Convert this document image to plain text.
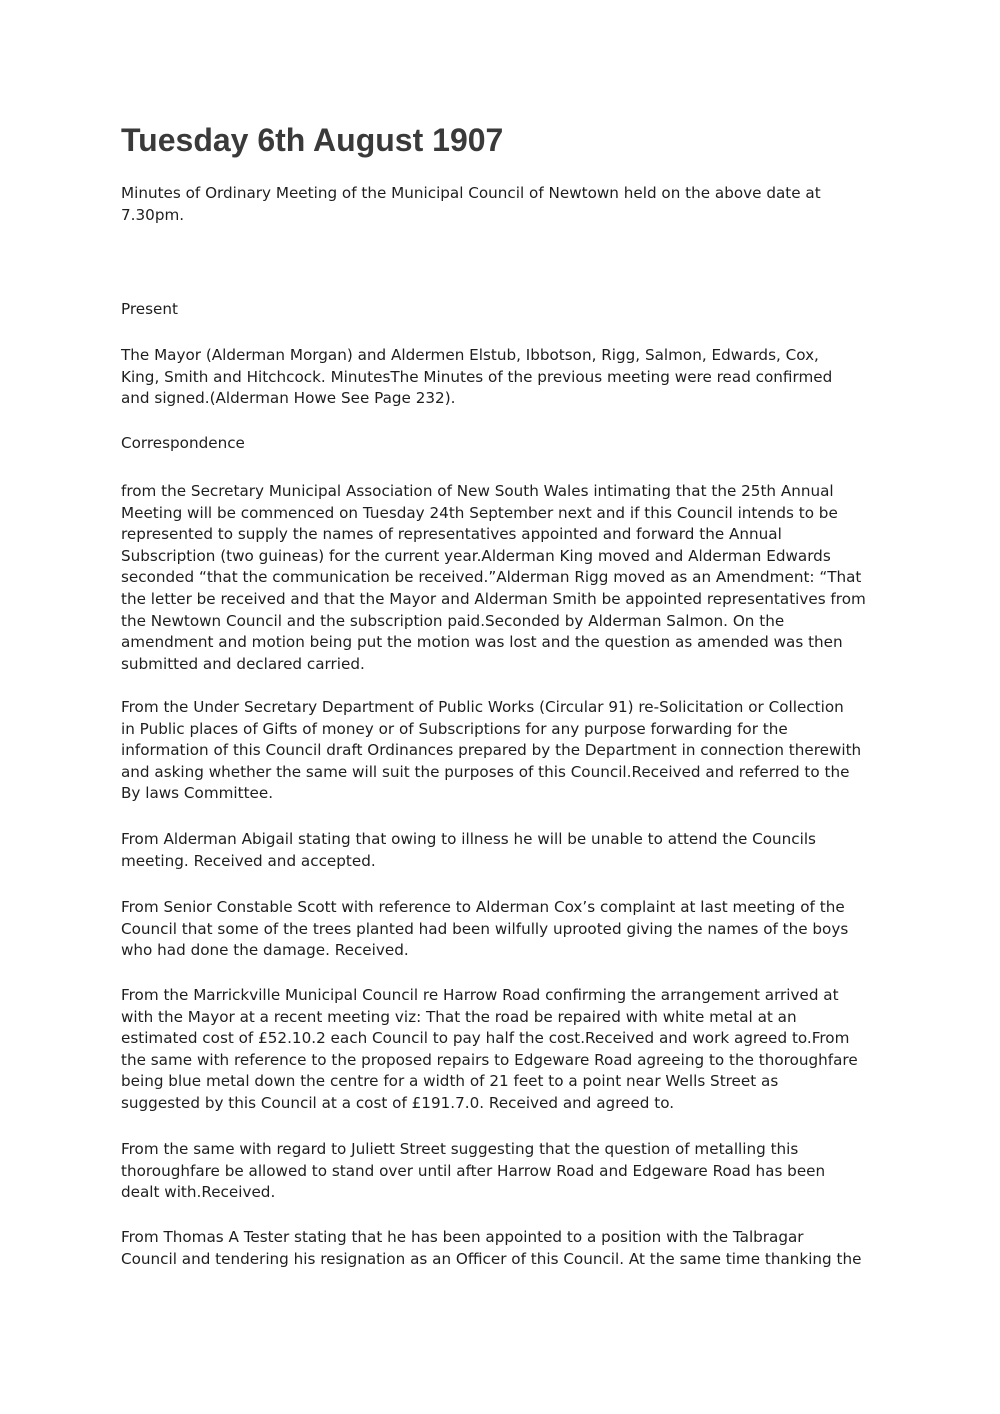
Tuesday 6th August 1907

Minutes of Ordinary Meeting of the Municipal Council of Newtown held on the above date at
7.30pm.

Present

The Mayor (Alderman Morgan) and Aldermen Elstub, Ibbotson, Rigg, Salmon, Edwards, Cox,
King, Smith and Hitchcock. MinutesThe Minutes of the previous meeting were read confirmed
and signed.(Alderman Howe See Page 232).

Correspondence

from the Secretary Municipal Association of New South Wales intimating that the 25th Annual
Meeting will be commenced on Tuesday 24th September next and if this Council intends to be
represented to supply the names of representatives appointed and forward the Annual
Subscription (two guineas) for the current year.Alderman King moved and Alderman Edwards
seconded “that the communication be received.”Alderman Rigg moved as an Amendment: “That
the letter be received and that the Mayor and Alderman Smith be appointed representatives from
the Newtown Council and the subscription paid.Seconded by Alderman Salmon. On the
amendment and motion being put the motion was lost and the question as amended was then
submitted and declared carried.

From the Under Secretary Department of Public Works (Circular 91) re-Solicitation or Collection
in Public places of Gifts of money or of Subscriptions for any purpose forwarding for the
information of this Council draft Ordinances prepared by the Department in connection therewith
and asking whether the same will suit the purposes of this Council.Received and referred to the
By laws Committee.

From Alderman Abigail stating that owing to illness he will be unable to attend the Councils
meeting. Received and accepted.

From Senior Constable Scott with reference to Alderman Cox’s complaint at last meeting of the
Council that some of the trees planted had been wilfully uprooted giving the names of the boys
who had done the damage. Received.

From the Marrickville Municipal Council re Harrow Road confirming the arrangement arrived at
with the Mayor at a recent meeting viz: That the road be repaired with white metal at an
estimated cost of £52.10.2 each Council to pay half the cost.Received and work agreed to.From
the same with reference to the proposed repairs to Edgeware Road agreeing to the thoroughfare
being blue metal down the centre for a width of 21 feet to a point near Wells Street as
suggested by this Council at a cost of £191.7.0. Received and agreed to.

From the same with regard to Juliett Street suggesting that the question of metalling this
thoroughfare be allowed to stand over until after Harrow Road and Edgeware Road has been
dealt with.Received.

From Thomas A Tester stating that he has been appointed to a position with the Talbragar
Council and tendering his resignation as an Officer of this Council. At the same time thanking the
